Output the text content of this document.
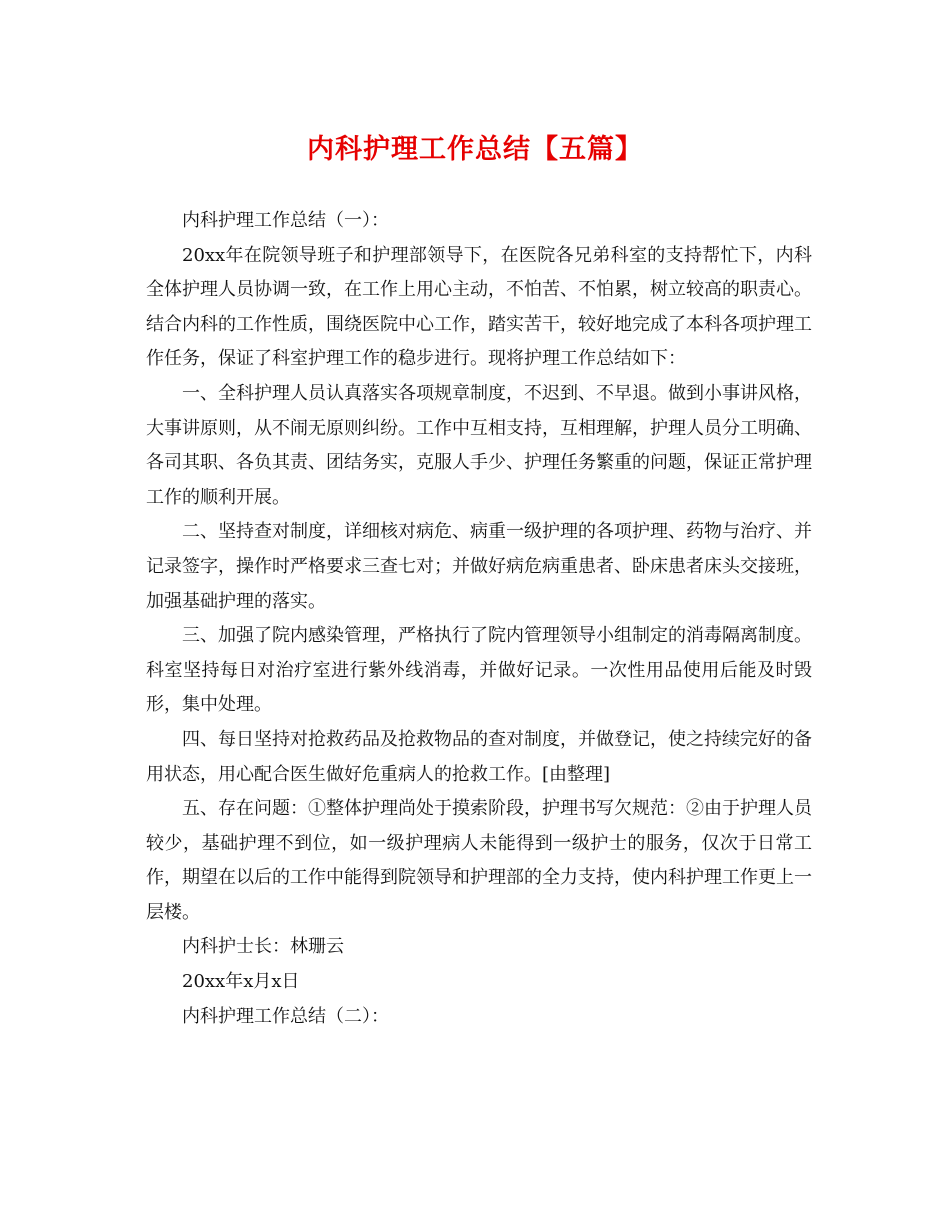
内科护理工作总结【五篇】

内科护理工作总结（一）：

20xx年在院领导班子和护理部领导下，在医院各兄弟科室的支持帮忙下，内科全体护理人员协调一致，在工作上用心主动，不怕苦、不怕累，树立较高的职责心。结合内科的工作性质，围绕医院中心工作，踏实苦干，较好地完成了本科各项护理工作任务，保证了科室护理工作的稳步进行。现将护理工作总结如下：

一、全科护理人员认真落实各项规章制度，不迟到、不早退。做到小事讲风格，大事讲原则，从不闹无原则纠纷。工作中互相支持，互相理解，护理人员分工明确、各司其职、各负其责、团结务实，克服人手少、护理任务繁重的问题，保证正常护理工作的顺利开展。

二、坚持查对制度，详细核对病危、病重一级护理的各项护理、药物与治疗、并记录签字，操作时严格要求三查七对；并做好病危病重患者、卧床患者床头交接班，加强基础护理的落实。

三、加强了院内感染管理，严格执行了院内管理领导小组制定的消毒隔离制度。科室坚持每日对治疗室进行紫外线消毒，并做好记录。一次性用品使用后能及时毁形，集中处理。

四、每日坚持对抢救药品及抢救物品的查对制度，并做登记，使之持续完好的备用状态，用心配合医生做好危重病人的抢救工作。[由整理]

五、存在问题：①整体护理尚处于摸索阶段，护理书写欠规范：②由于护理人员较少，基础护理不到位，如一级护理病人未能得到一级护士的服务，仅次于日常工作，期望在以后的工作中能得到院领导和护理部的全力支持，使内科护理工作更上一层楼。

内科护士长：林珊云

20xx年x月x日

内科护理工作总结（二）：
